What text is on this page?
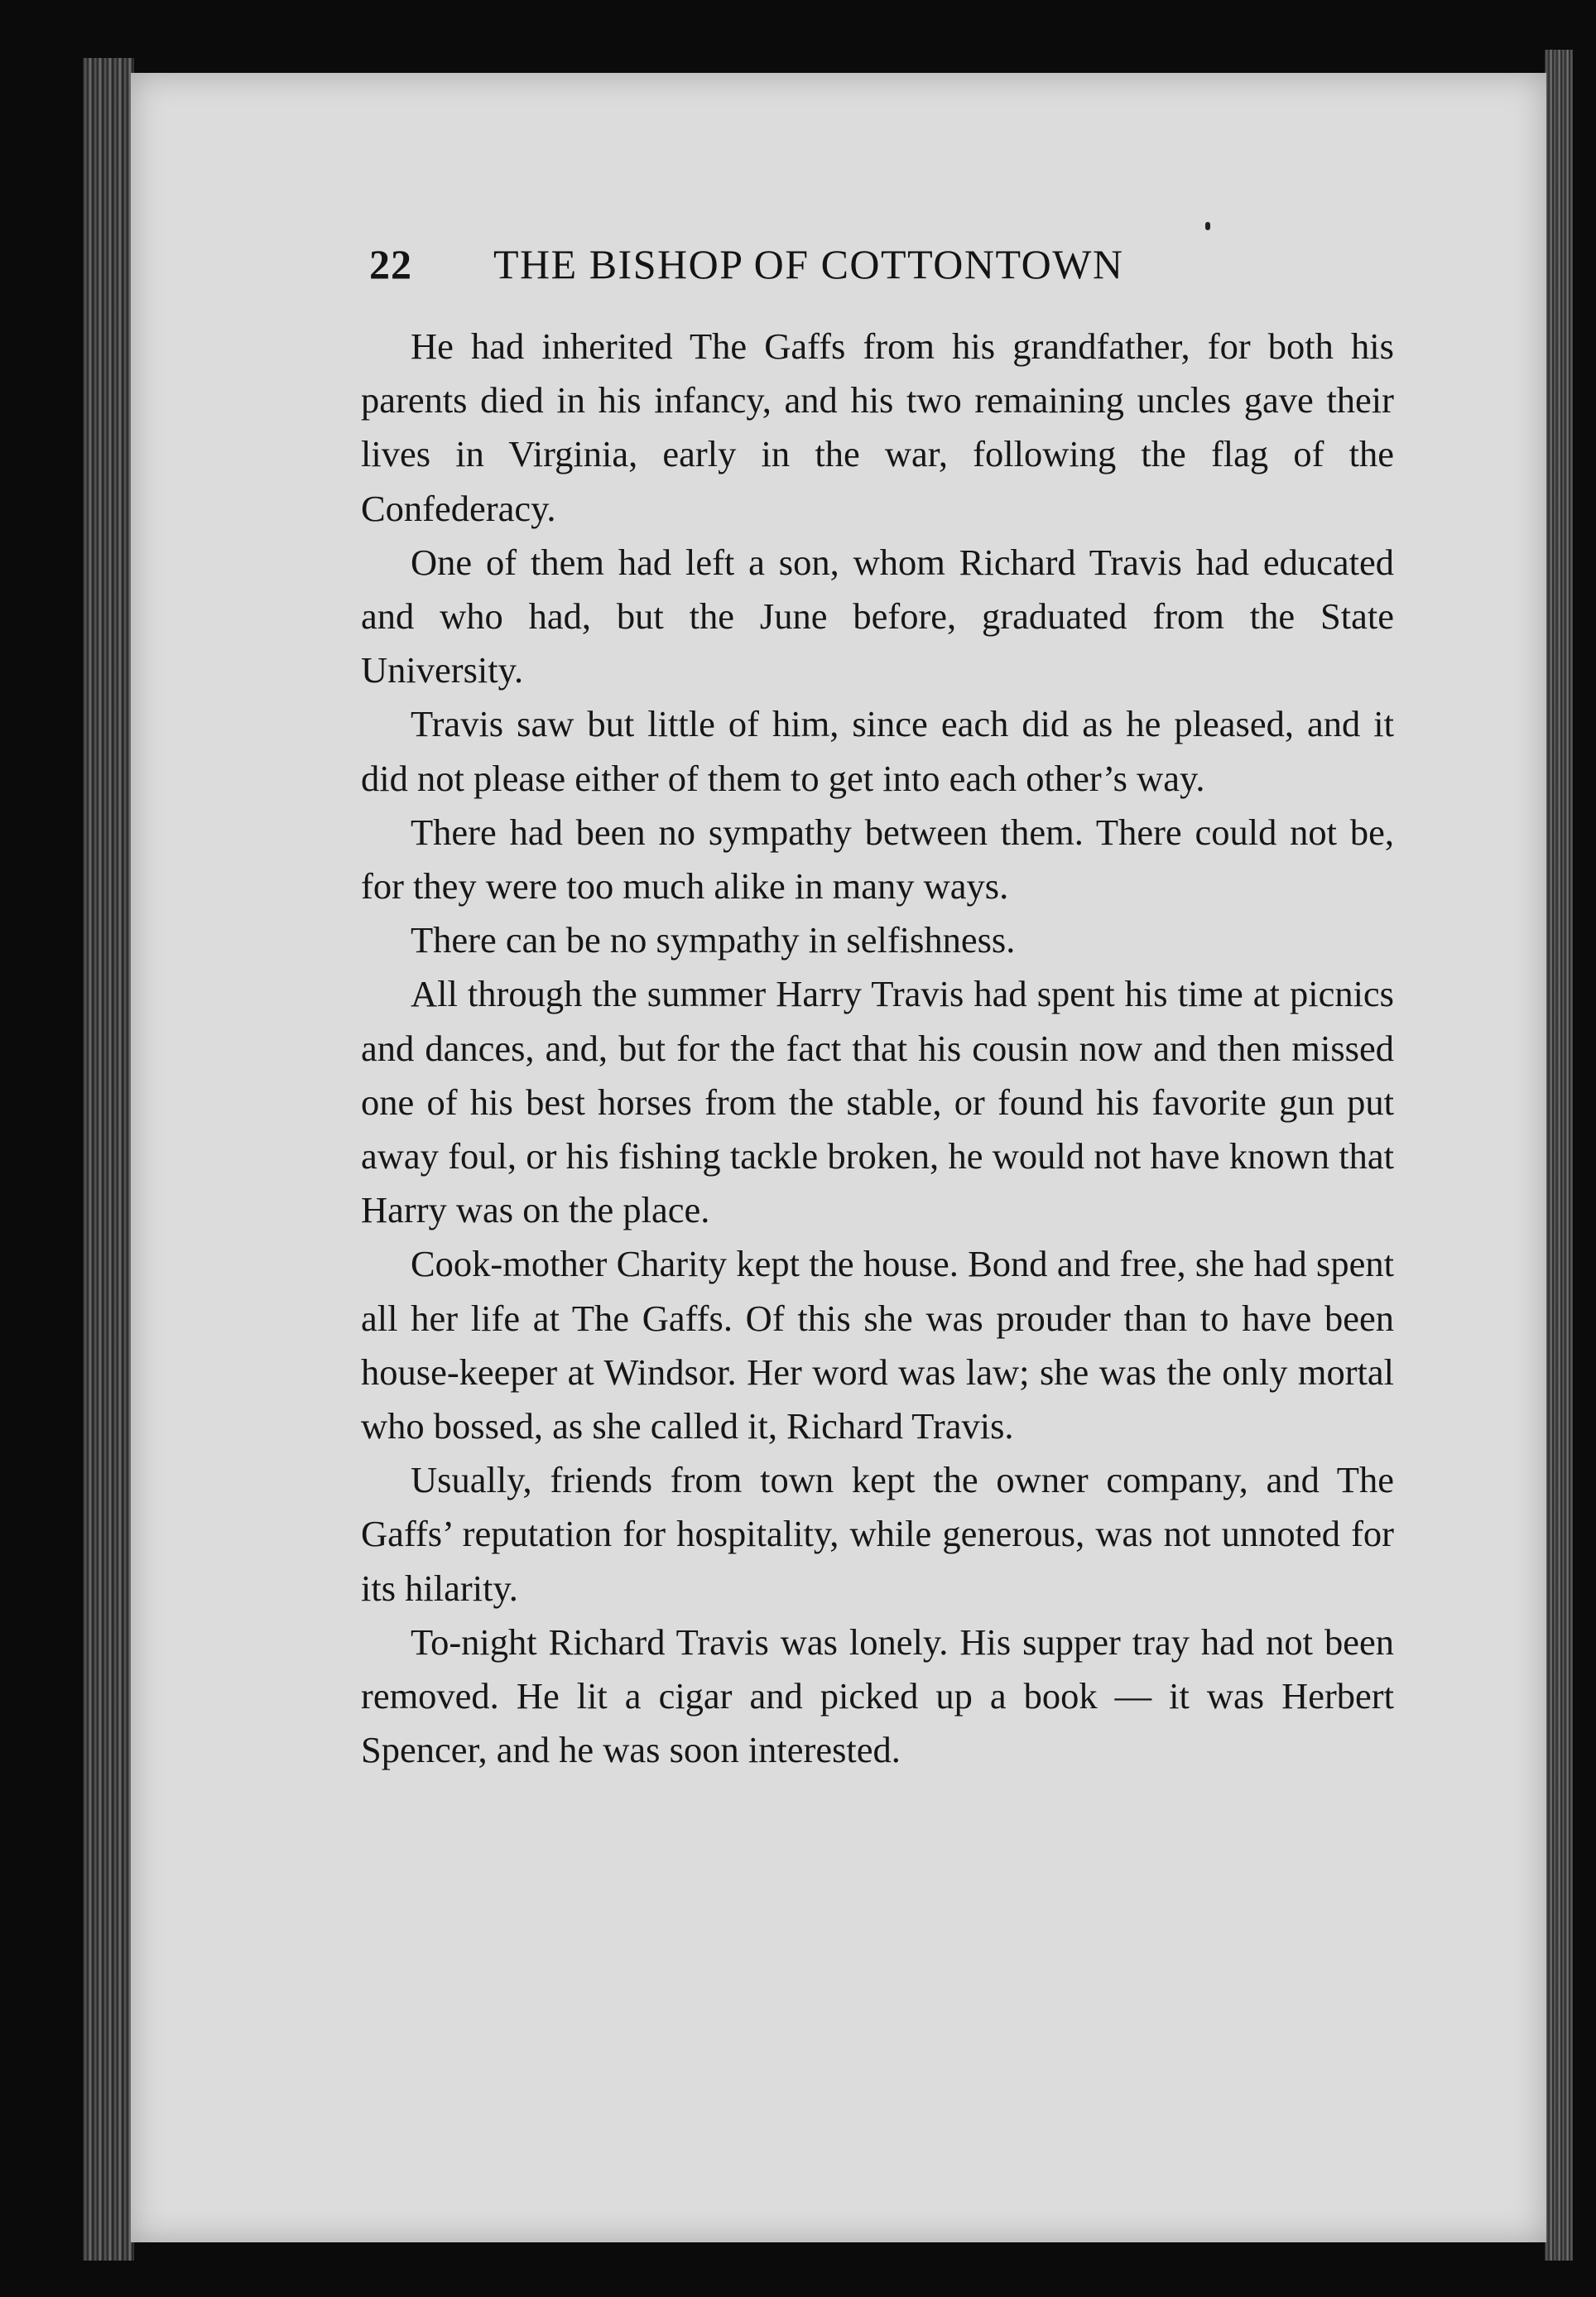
22	THE BISHOP OF COTTONTOWN

He had inherited The Gaffs from his grandfather, for both his parents died in his infancy, and his two remaining uncles gave their lives in Virginia, early in the war, following the flag of the Confederacy.

One of them had left a son, whom Richard Travis had educated and who had, but the June before, graduated from the State University.

Travis saw but little of him, since each did as he pleased, and it did not please either of them to get into each other’s way.

There had been no sympathy between them. There could not be, for they were too much alike in many ways.

There can be no sympathy in selfishness.

All through the summer Harry Travis had spent his time at picnics and dances, and, but for the fact that his cousin now and then missed one of his best horses from the stable, or found his favorite gun put away foul, or his fishing tackle broken, he would not have known that Harry was on the place.

Cook-mother Charity kept the house. Bond and free, she had spent all her life at The Gaffs. Of this she was prouder than to have been house-keeper at Windsor. Her word was law; she was the only mortal who bossed, as she called it, Richard Travis.

Usually, friends from town kept the owner company, and The Gaffs’ reputation for hospitality, while generous, was not unnoted for its hilarity.

To-night Richard Travis was lonely. His supper tray had not been removed. He lit a cigar and picked up a book — it was Herbert Spencer, and he was soon interested.
